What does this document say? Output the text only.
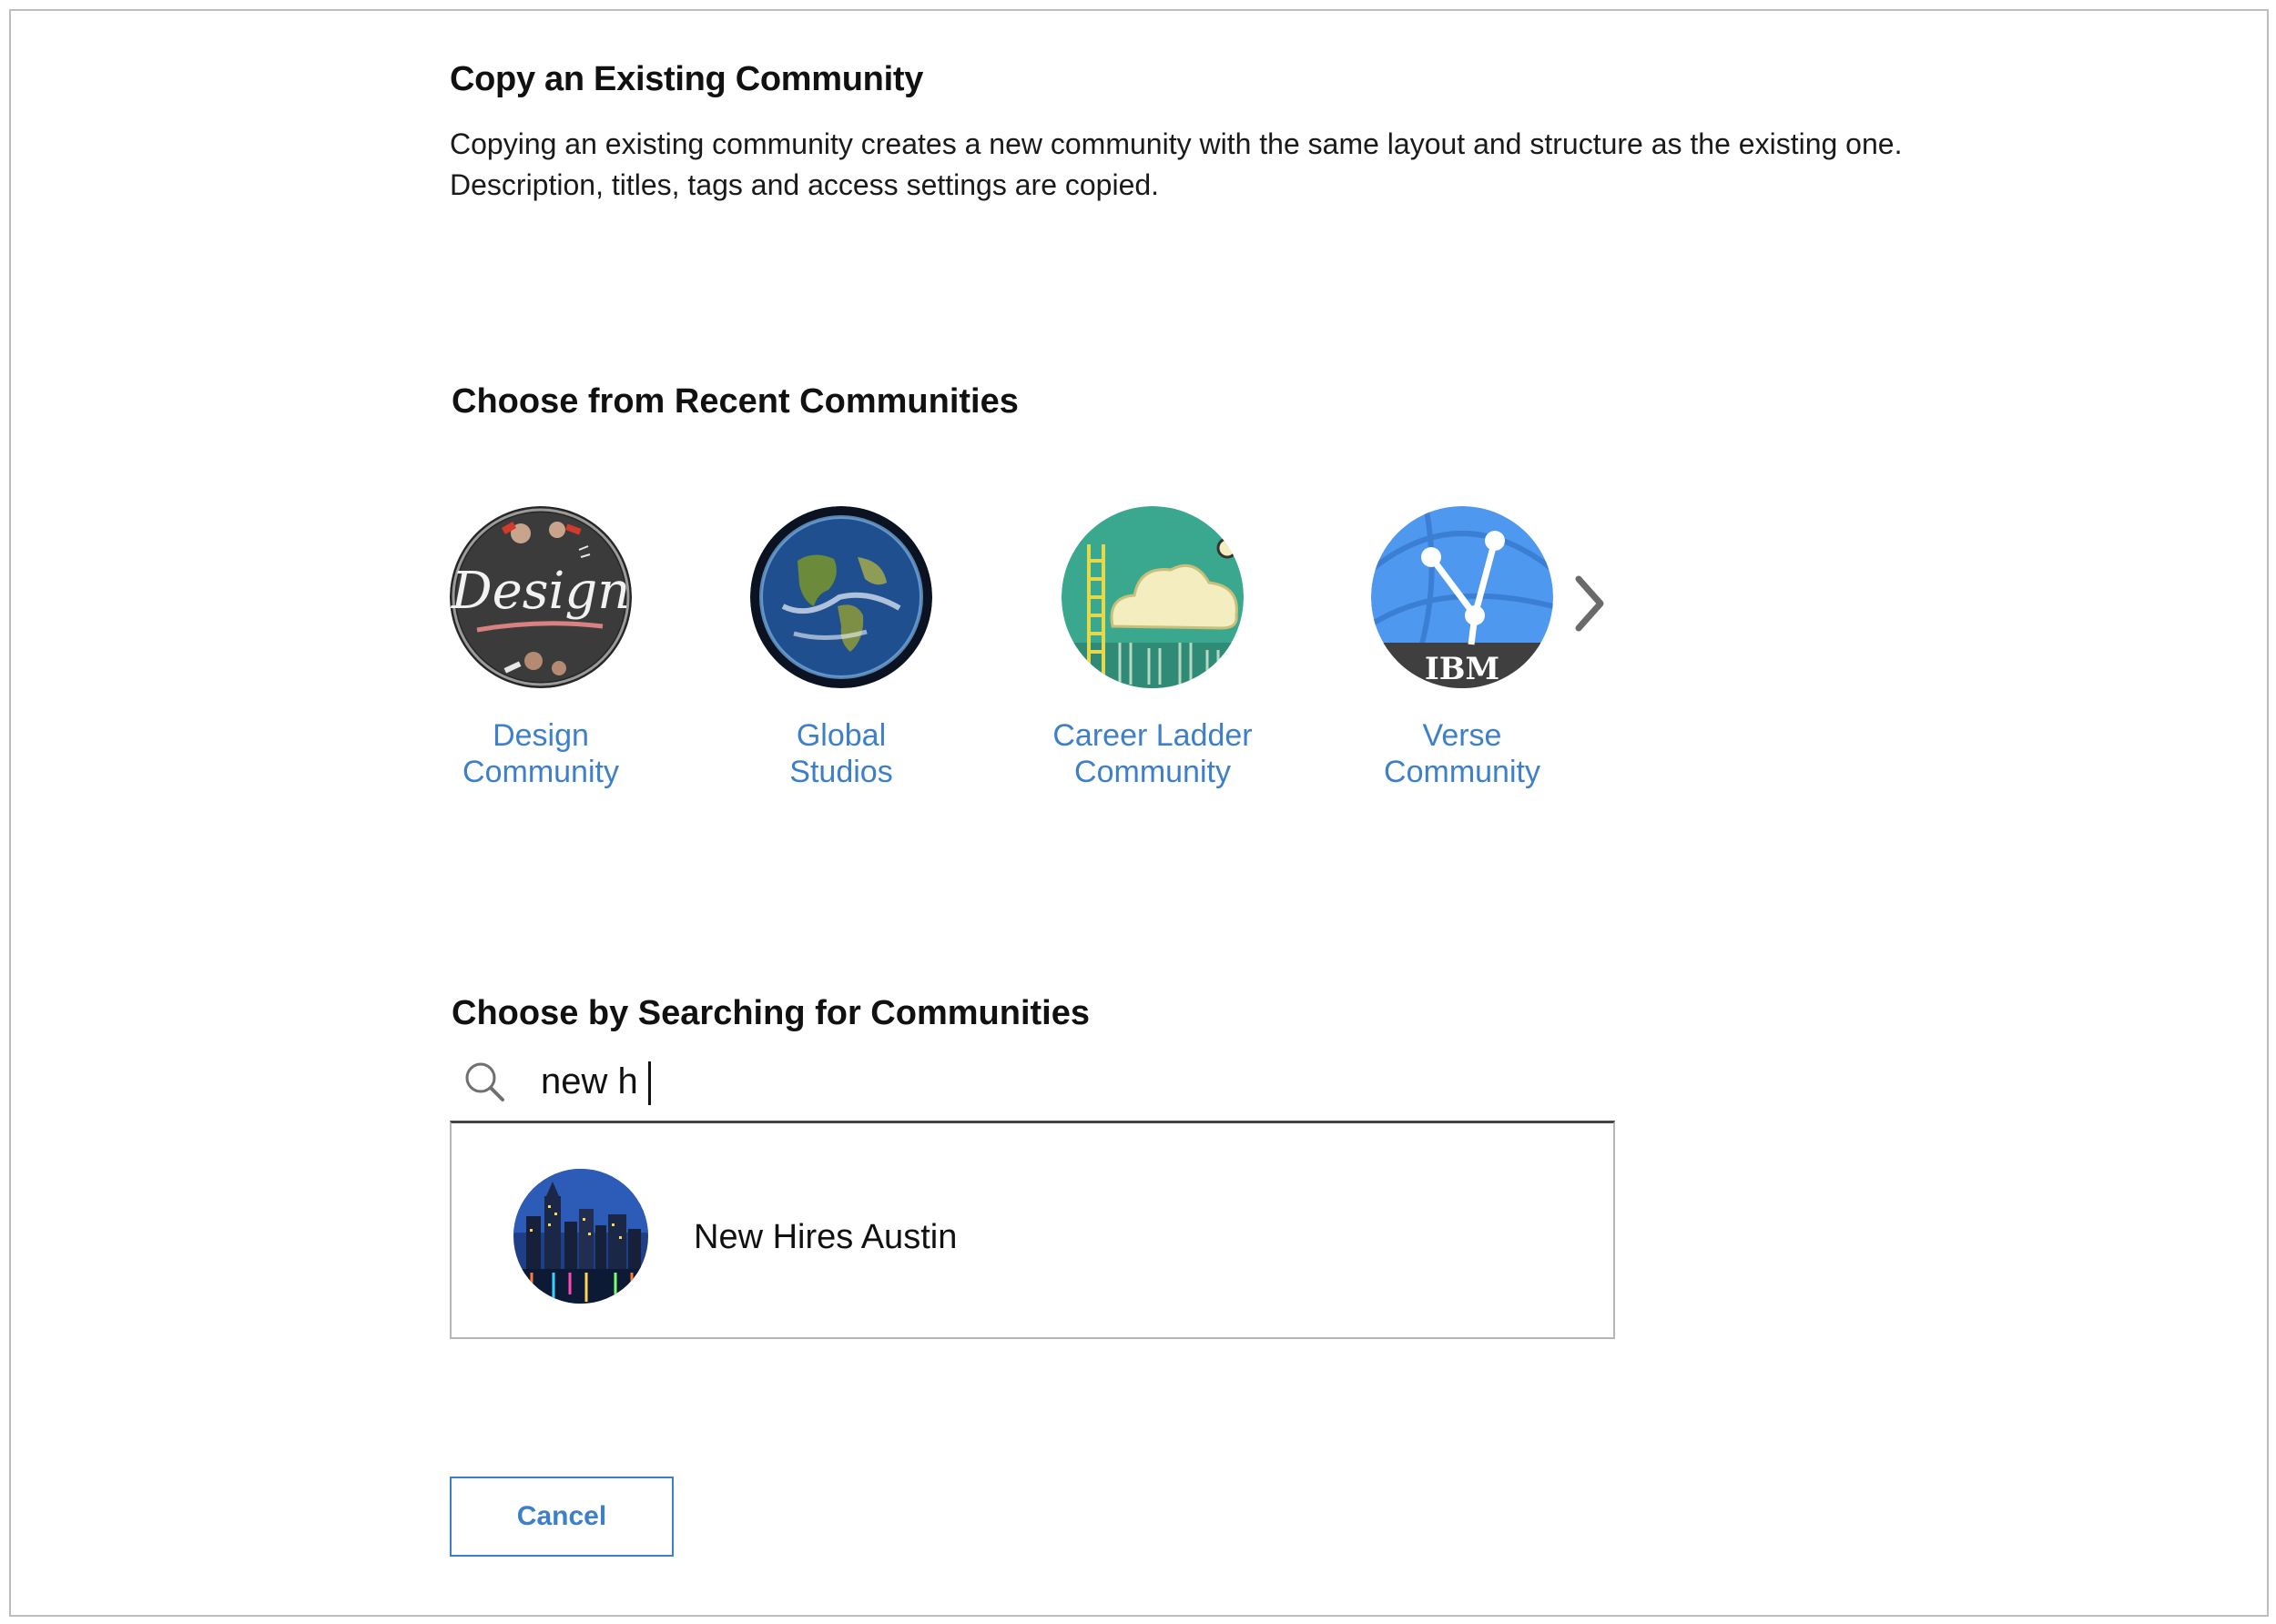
Copy an Existing Community

Copying an existing community creates a new community with the same layout and structure as the existing one.
Description, titles, tags and access settings are copied.

Choose from Recent Communities
Design
Design
Community
Global
Studios
Career Ladder
Community
IBM
Verse
Community
Choose by Searching for Communities
new h
New Hires Austin
Cancel
